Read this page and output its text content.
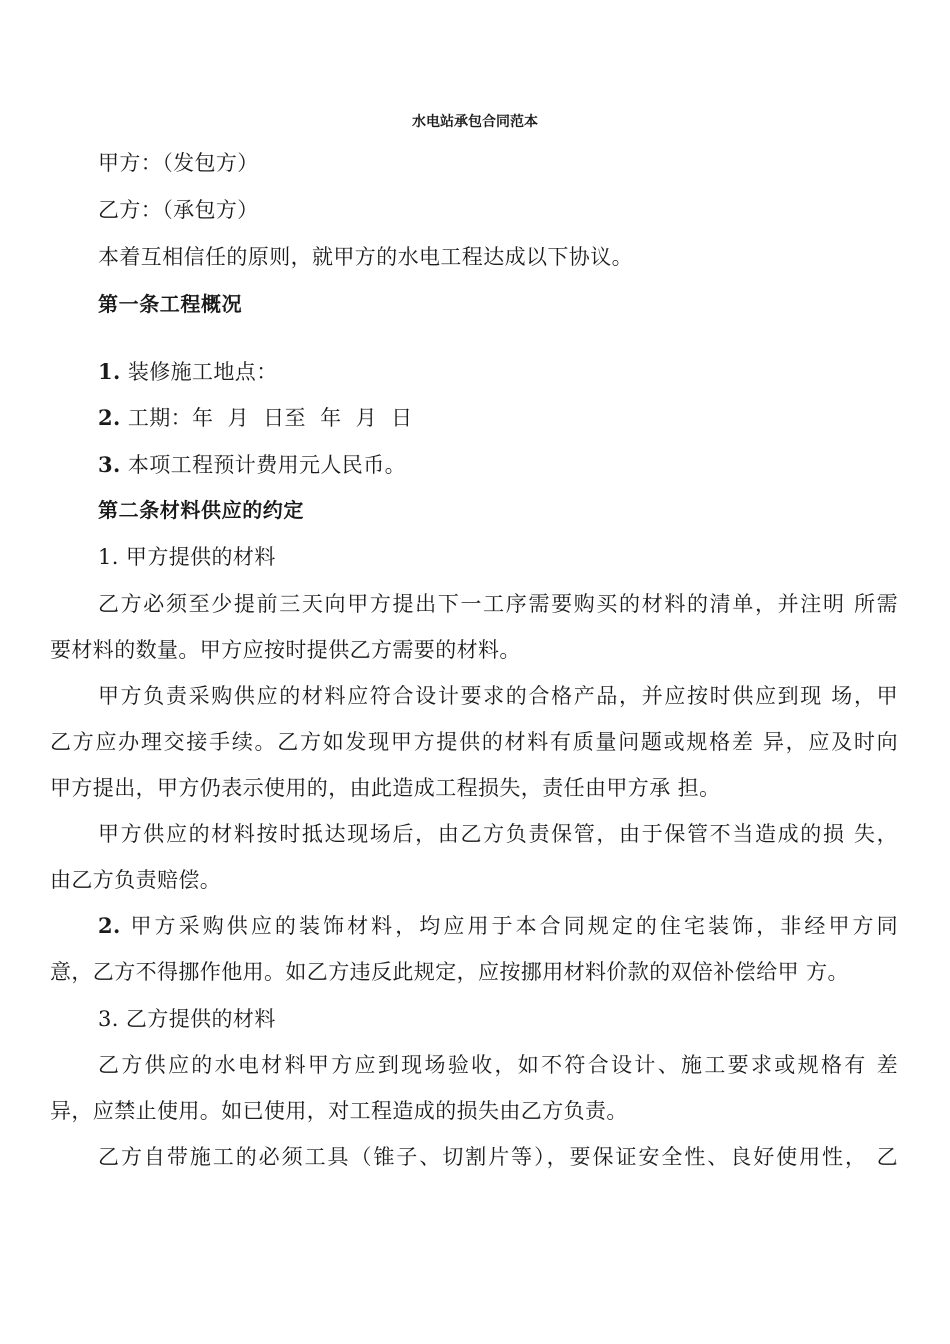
水电站承包合同范本
甲方：（发包方）
乙方：（承包方）
本着互相信任的原则，就甲方的水电工程达成以下协议。
第一条工程概况
1. 装修施工地点：
2. 工期：年  月  日至  年  月  日
3. 本项工程预计费用元人民币。
第二条材料供应的约定
1. 甲方提供的材料
乙方必须至少提前三天向甲方提出下一工序需要购买的材料的清单，并注明 所需
要材料的数量。甲方应按时提供乙方需要的材料。
甲方负责采购供应的材料应符合设计要求的合格产品，并应按时供应到现 场，甲
乙方应办理交接手续。乙方如发现甲方提供的材料有质量问题或规格差 异，应及时向
甲方提出，甲方仍表示使用的，由此造成工程损失，责任由甲方承 担。
甲方供应的材料按时抵达现场后，由乙方负责保管，由于保管不当造成的损 失，
由乙方负责赔偿。
2. 甲方采购供应的装饰材料，均应用于本合同规定的住宅装饰，非经甲方同
意，乙方不得挪作他用。如乙方违反此规定，应按挪用材料价款的双倍补偿给甲 方。
3. 乙方提供的材料
乙方供应的水电材料甲方应到现场验收，如不符合设计、施工要求或规格有 差
异，应禁止使用。如已使用，对工程造成的损失由乙方负责。
乙方自带施工的必须工具（锥子、切割片等），要保证安全性、良好使用性， 乙
